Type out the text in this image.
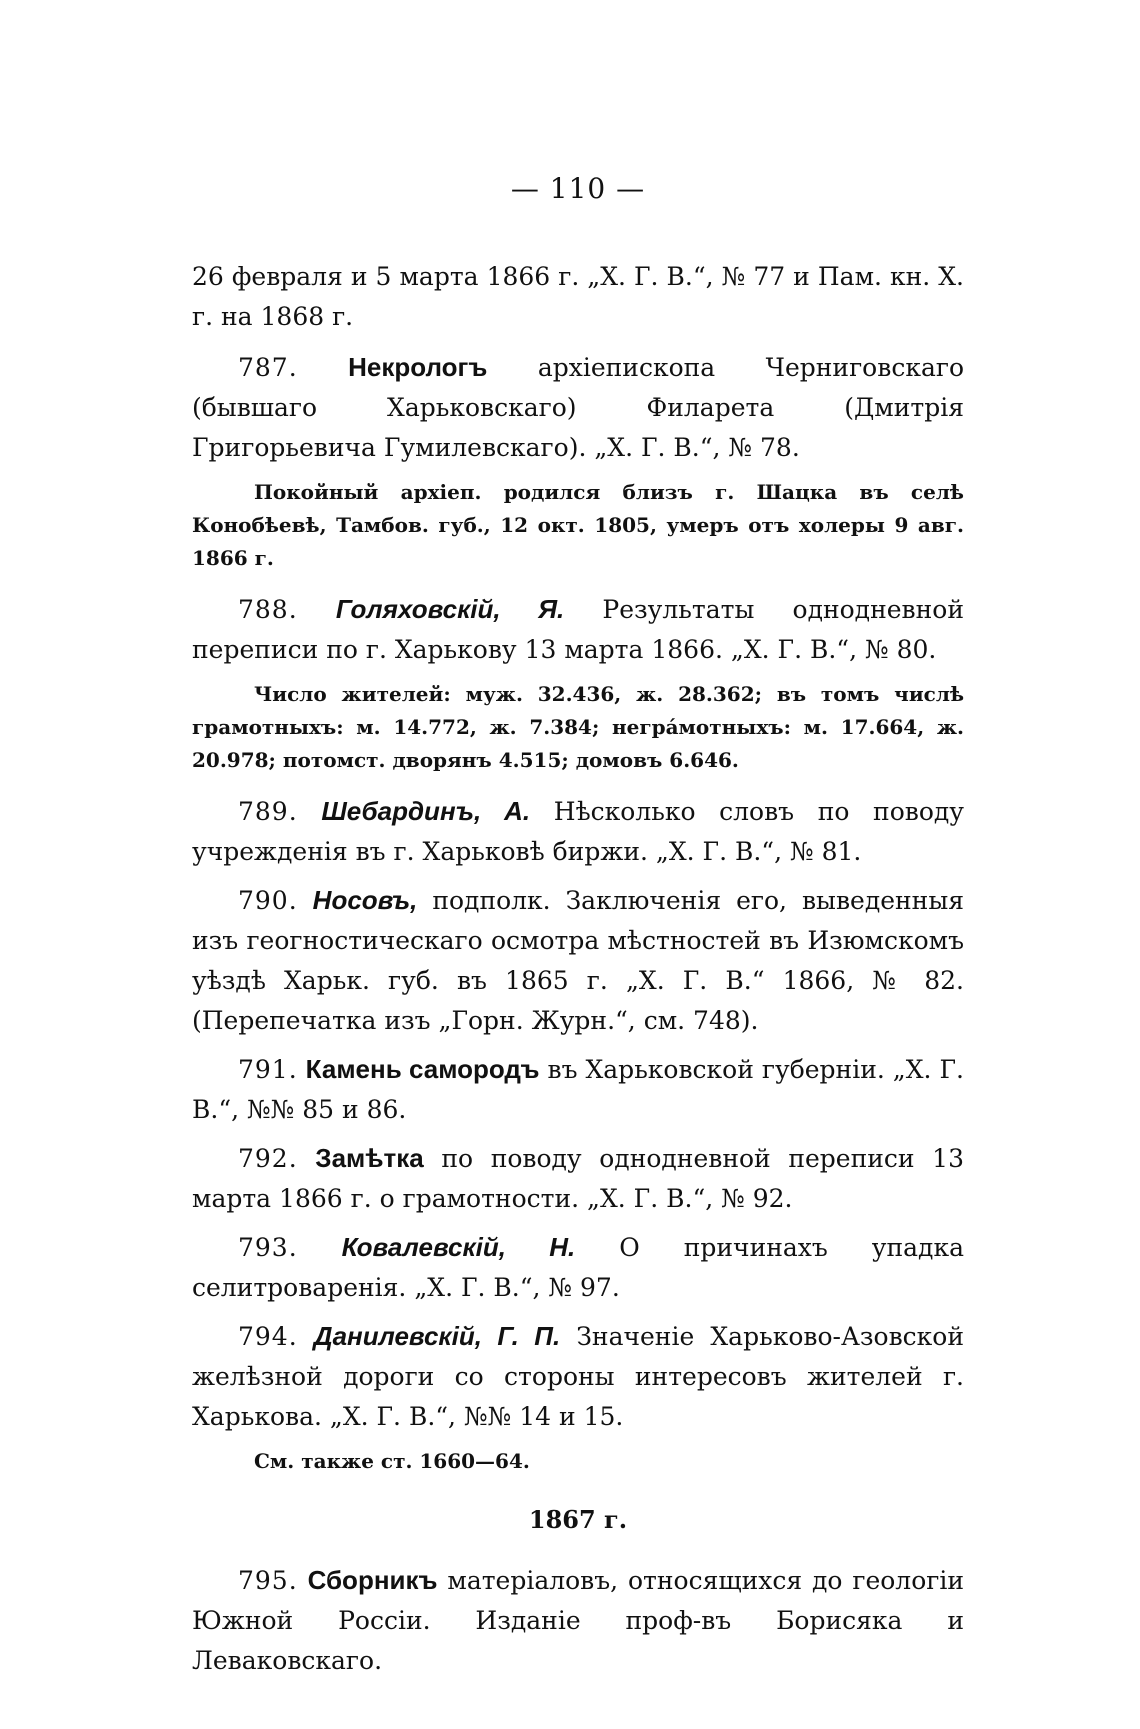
— 110 —

26 февраля и 5 марта 1866 г. „Х. Г. В.“, № 77 и Пам. кн. Х. г. на 1868 г.

787. Некрологъ архіепископа Черниговскаго (бывшаго Харьковскаго) Филарета (Дмитрія Григорьевича Гумилевскаго). „Х. Г. В.“, № 78.

Покойный архіеп. родился близъ г. Шацка въ селѣ Конобѣевѣ, Тамбов. губ., 12 окт. 1805, умеръ отъ холеры 9 авг. 1866 г.

788. Голяховскій, Я. Результаты однодневной переписи по г. Харькову 13 марта 1866. „Х. Г. В.“, № 80.

Число жителей: муж. 32.436, ж. 28.362; въ томъ числѣ грамотныхъ: м. 14.772, ж. 7.384; негрáмотныхъ: м. 17.664, ж. 20.978; потомст. дворянъ 4.515; домовъ 6.646.

789. Шебардинъ, А. Нѣсколько словъ по поводу учрежденія въ г. Харьковѣ биржи. „Х. Г. В.“, № 81.

790. Носовъ, подполк. Заключенія его, выведенныя изъ геогностическаго осмотра мѣстностей въ Изюмскомъ уѣздѣ Харьк. губ. въ 1865 г. „Х. Г. В.“ 1866, № 82. (Перепечатка изъ „Горн. Журн.“, см. 748).

791. Камень самородъ въ Харьковской губерніи. „Х. Г. В.“, №№ 85 и 86.

792. Замѣтка по поводу однодневной переписи 13 марта 1866 г. о грамотности. „Х. Г. В.“, № 92.

793. Ковалевскій, Н. О причинахъ упадка селитроваренія. „Х. Г. В.“, № 97.

794. Данилевскій, Г. П. Значеніе Харьково-Азовской желѣзной дороги со стороны интересовъ жителей г. Харькова. „Х. Г. В.“, №№ 14 и 15.

См. также ст. 1660—64.

1867 г.

795. Сборникъ матеріаловъ, относящихся до геологіи Южной Россіи. Изданіе проф-въ Борисяка и Леваковскаго.
